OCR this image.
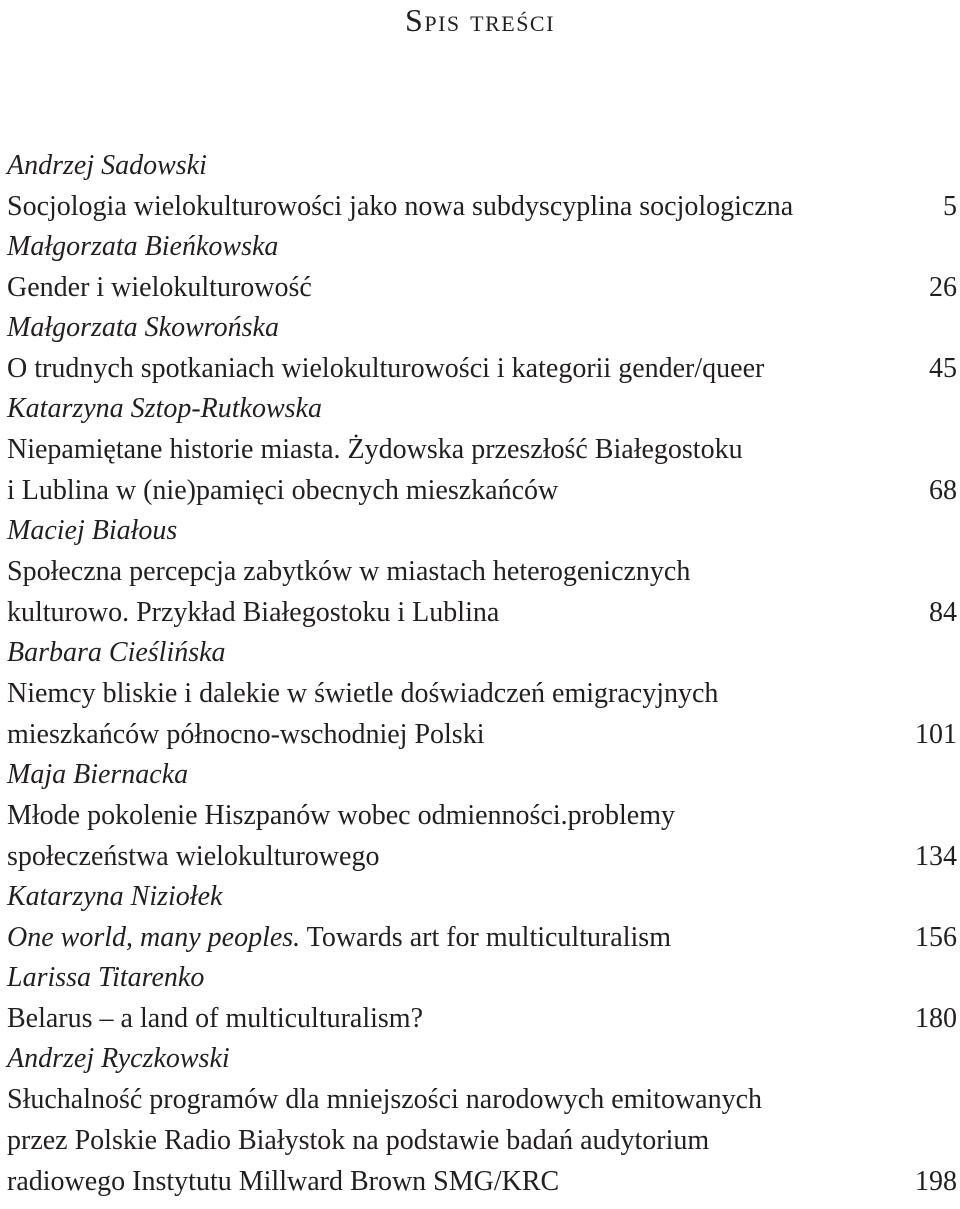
Spis treści
Andrzej Sadowski
Socjologia wielokulturowości jako nowa subdyscyplina socjologiczna	5
Małgorzata Bieńkowska
Gender i wielokulturowość	26
Małgorzata Skowrońska
O trudnych spotkaniach wielokulturowości i kategorii gender/queer	45
Katarzyna Sztop-Rutkowska
Niepamiętane historie miasta. Żydowska przeszłość Białegostoku
i Lublina w (nie)pamięci obecnych mieszkańców	68
Maciej Białous
Społeczna percepcja zabytków w miastach heterogenicznych
kulturowo. Przykład Białegostoku i Lublina	84
Barbara Cieślińska
Niemcy bliskie i dalekie w świetle doświadczeń emigracyjnych
mieszkańców północno-wschodniej Polski	101
Maja Biernacka
Młode pokolenie Hiszpanów wobec odmienności.problemy
społeczeństwa wielokulturowego	134
Katarzyna Niziołek
One world, many peoples. Towards art for multiculturalism	156
Larissa Titarenko
Belarus – a land of multiculturalism?	180
Andrzej Ryczkowski
Słuchalność programów dla mniejszości narodowych emitowanych
przez Polskie Radio Białystok na podstawie badań audytorium
radiowego Instytutu Millward Brown SMG/KRC	198
